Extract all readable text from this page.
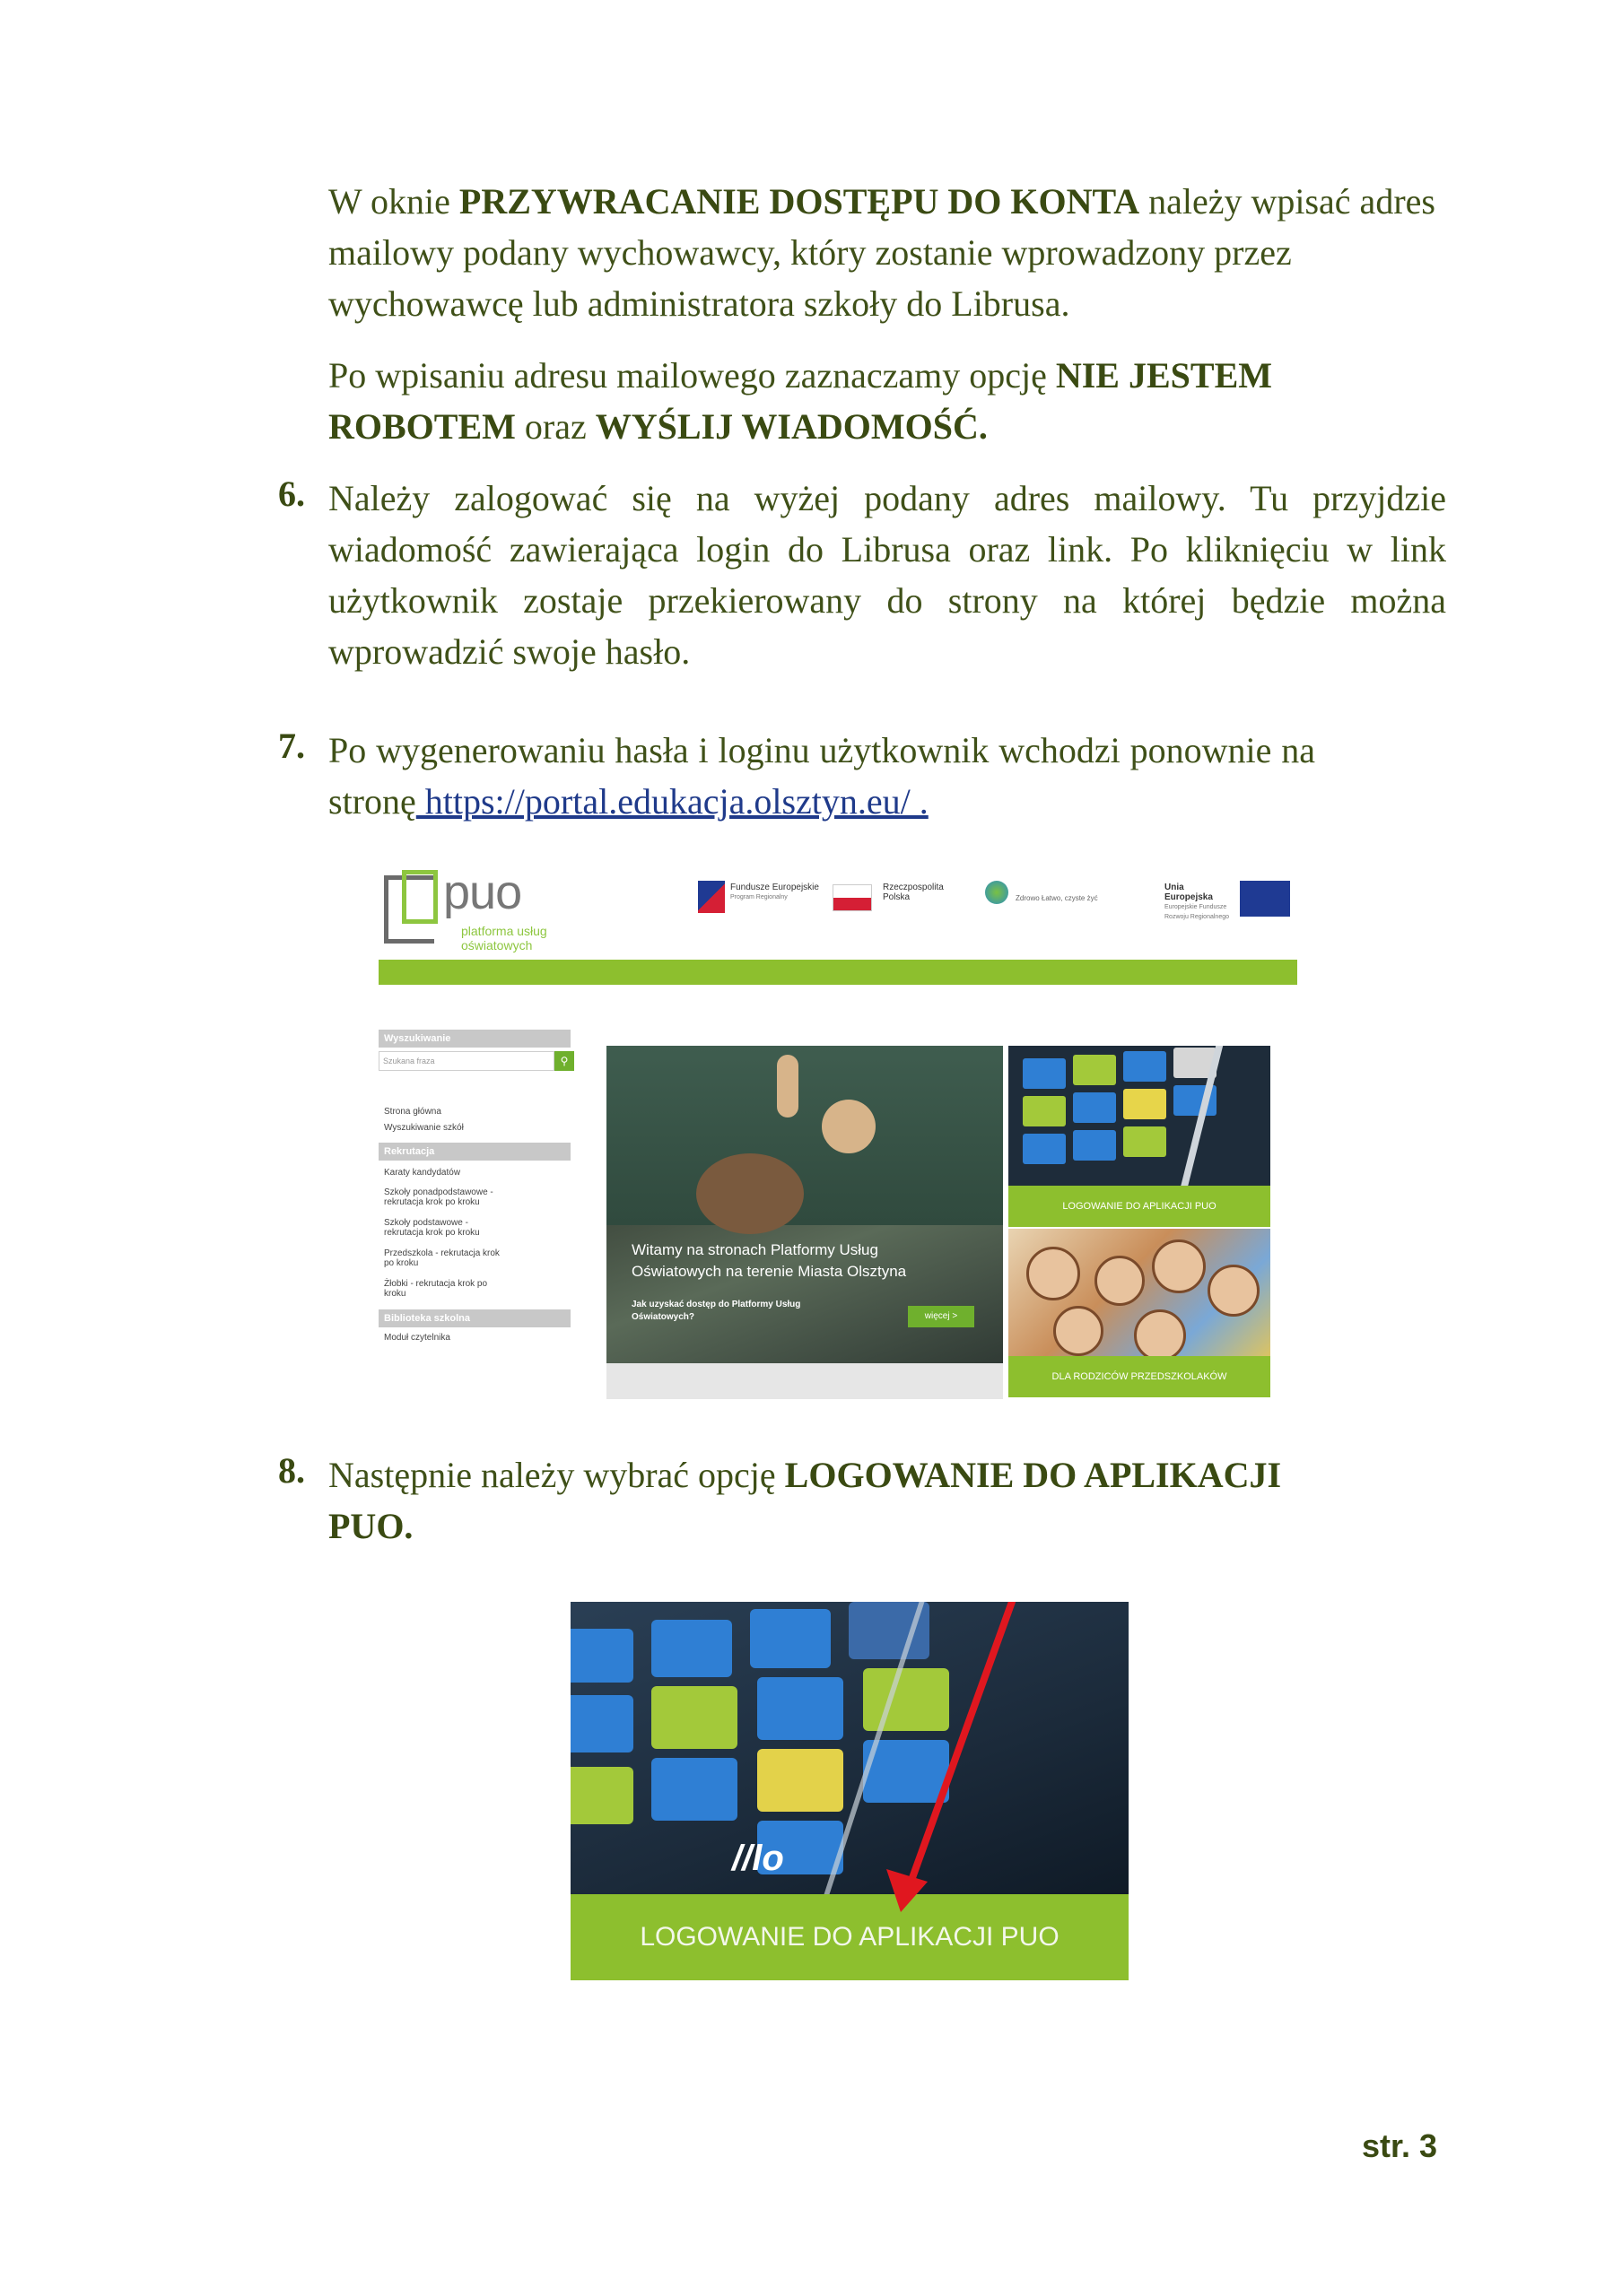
W oknie PRZYWRACANIE DOSTĘPU DO KONTA należy wpisać adres mailowy podany wychowawcy, który zostanie wprowadzony przez wychowawcę lub administratora szkoły do Librusa.
Po wpisaniu adresu mailowego zaznaczamy opcję NIE JESTEM ROBOTEM oraz WYŚLIJ WIADOMOŚĆ.
6. Należy zalogować się na wyżej podany adres mailowy. Tu przyjdzie wiadomość zawierająca login do Librusa oraz link. Po kliknięciu w link użytkownik zostaje przekierowany do strony na której będzie można wprowadzić swoje hasło.
7. Po wygenerowaniu hasła i loginu użytkownik wchodzi ponownie na stronę https://portal.edukacja.olsztyn.eu/ .
puo
platforma usług
oświatowych
Fundusze Europejskie
Program Regionalny
Rzeczpospolita Polska	Zdrowo Łatwo, czyste żyć
Unia Europejska
Europejskie Fundusze Rozwoju Regionalnego
Wyszukiwanie
Szukana fraza	⚲
Strona główna
Wyszukiwanie szkół
Rekrutacja
Karaty kandydatów
Szkoły ponadpodstawowe - rekrutacja krok po kroku
Szkoły podstawowe - rekrutacja krok po kroku
Przedszkola - rekrutacja krok po kroku
Żłobki - rekrutacja krok po kroku
Biblioteka szkolna
Moduł czytelnika
Witamy na stronach Platformy Usług Oświatowych na terenie Miasta Olsztyna
Jak uzyskać dostęp do Platformy Usług Oświatowych?	więcej >
LOGOWANIE DO APLIKACJI PUO
DLA RODZICÓW PRZEDSZKOLAKÓW
8. Następnie należy wybrać opcję LOGOWANIE DO APLIKACJI PUO.
//lo
LOGOWANIE DO APLIKACJI PUO
str. 3
